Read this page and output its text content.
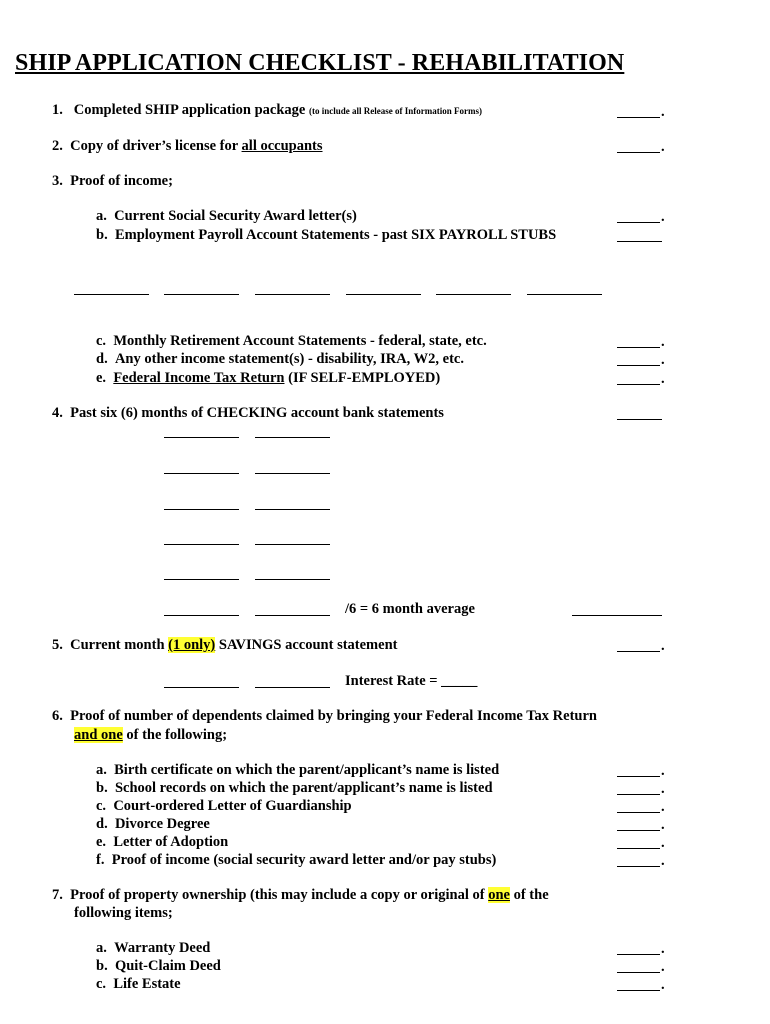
SHIP APPLICATION CHECKLIST - REHABILITATION
1. Completed SHIP application package (to include all Release of Information Forms)	.
2. Copy of driver’s license for all occupants	.
3. Proof of income;
a. Current Social Security Award letter(s)	.
b. Employment Payroll Account Statements - past SIX PAYROLL STUBS
c. Monthly Retirement Account Statements - federal, state, etc.	.
d. Any other income statement(s) - disability, IRA, W2, etc.	.
e. Federal Income Tax Return (IF SELF-EMPLOYED)	.
4. Past six (6) months of CHECKING account bank statements
/6 = 6 month average
5. Current month (1 only) SAVINGS account statement	.
Interest Rate = _____
6. Proof of number of dependents claimed by bringing your Federal Income Tax Return
and one of the following;
a. Birth certificate on which the parent/applicant’s name is listed	.
b. School records on which the parent/applicant’s name is listed	.
c. Court-ordered Letter of Guardianship	.
d. Divorce Degree	.
e. Letter of Adoption	.
f. Proof of income (social security award letter and/or pay stubs)	.
7. Proof of property ownership (this may include a copy or original of one of the
following items;
a. Warranty Deed	.
b. Quit-Claim Deed	.
c. Life Estate	.
